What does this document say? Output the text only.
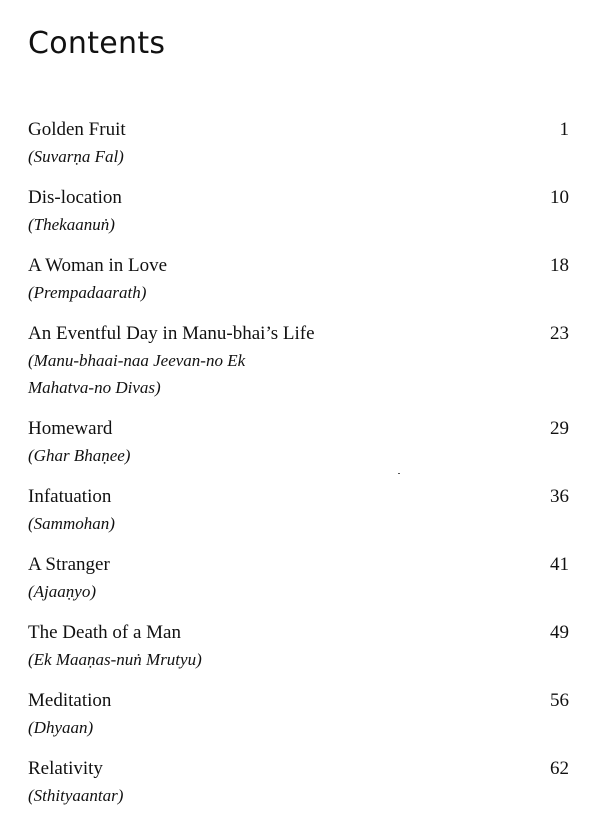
Contents
Golden Fruit
(Suvarṇa Fal)
1
Dis-location
(Thekaanuṅ)
10
A Woman in Love
(Prempadaarath)
18
An Eventful Day in Manu-bhai’s Life
(Manu-bhaai-naa Jeevan-no Ek
Mahatva-no Divas)
23
Homeward
(Ghar Bhaṇee)
29
Infatuation
(Sammohan)
36
A Stranger
(Ajaaṇyo)
41
The Death of a Man
(Ek Maaṇas-nuṅ Mrutyu)
49
Meditation
(Dhyaan)
56
Relativity
(Sthityaantar)
62
